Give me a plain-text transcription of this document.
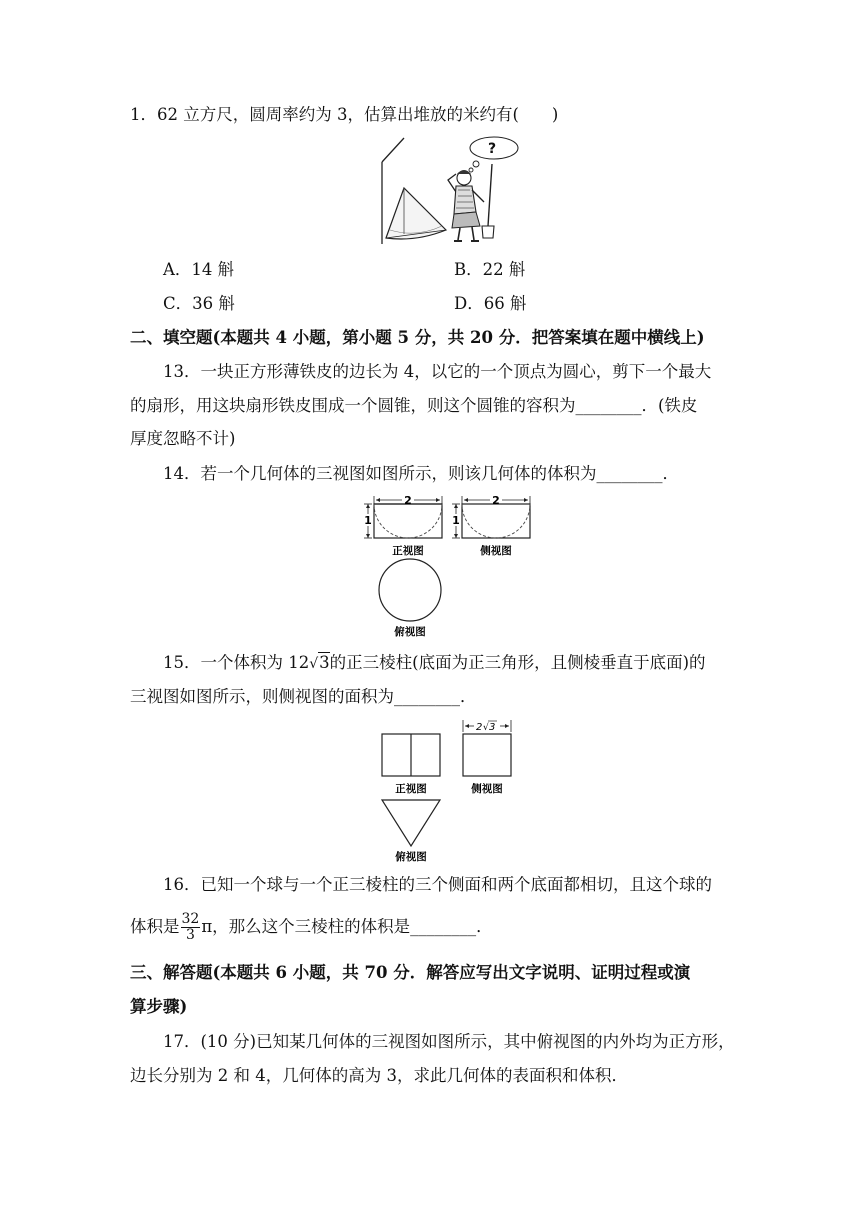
1．62 立方尺，圆周率约为 3，估算出堆放的米约有(　　)
?
A．14 斛	B．22 斛
C．36 斛	D．66 斛
二、填空题(本题共 4 小题，第小题 5 分，共 20 分．把答案填在题中横线上)
13．一块正方形薄铁皮的边长为 4，以它的一个顶点为圆心，剪下一个最大
的扇形，用这块扇形铁皮围成一个圆锥，则这个圆锥的容积为________．(铁皮
厚度忽略不计)
14．若一个几何体的三视图如图所示，则该几何体的体积为________．
2
1
2
1
正视图	侧视图
俯视图
15．一个体积为 12√3的正三棱柱(底面为正三角形，且侧棱垂直于底面)的
三视图如图所示，则侧视图的面积为________．
2 √ 3
正视图	侧视图
俯视图
16．已知一个球与一个正三棱柱的三个侧面和两个底面都相切，且这个球的
体积是 $\frac{32}{3}$ π，那么这个三棱柱的体积是________．
三、解答题(本题共 6 小题，共 70 分．解答应写出文字说明、证明过程或演
算步骤)
17．(10 分)已知某几何体的三视图如图所示，其中俯视图的内外均为正方形，
边长分别为 2 和 4，几何体的高为 3，求此几何体的表面积和体积．
